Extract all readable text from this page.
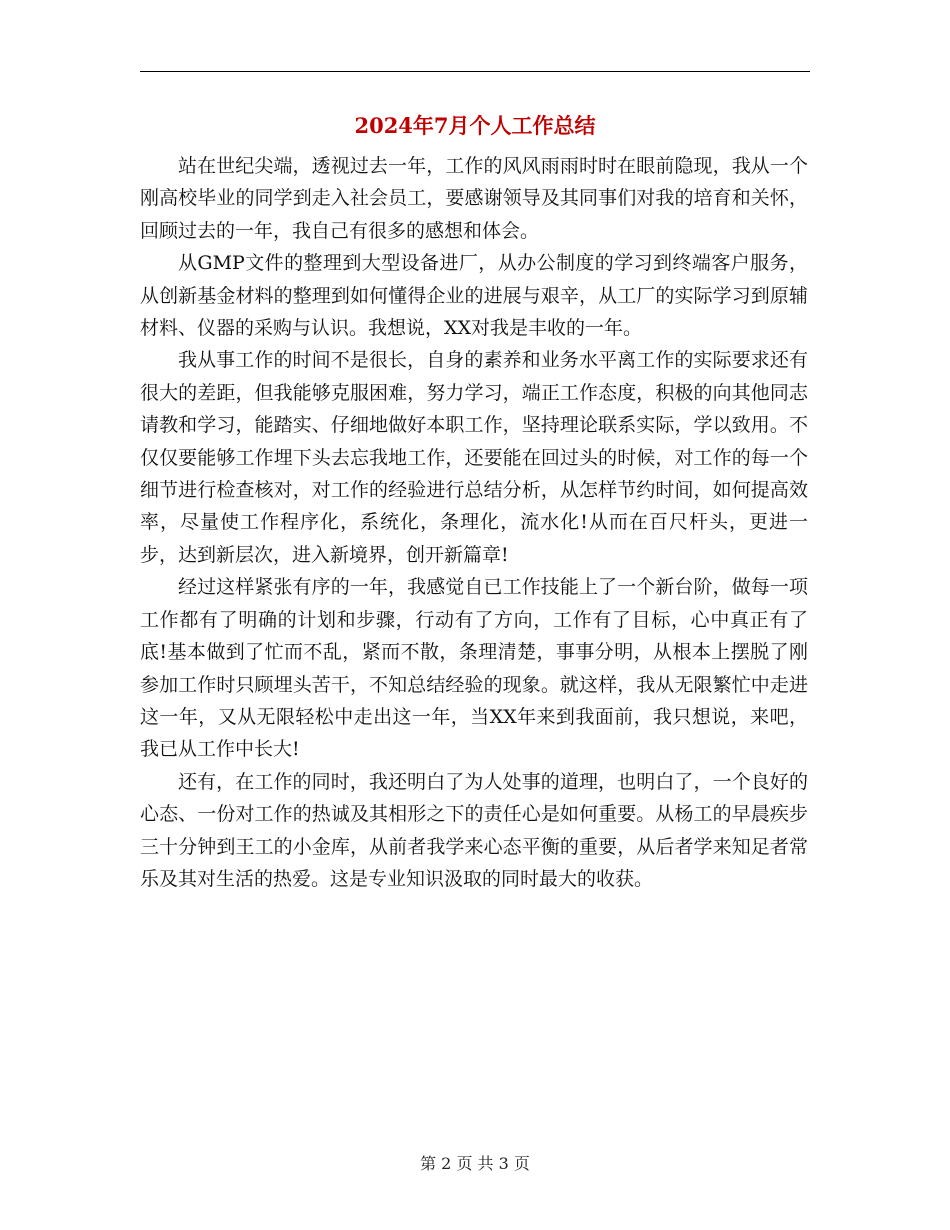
2024年7月个人工作总结

站在世纪尖端，透视过去一年，工作的风风雨雨时时在眼前隐现，我从一个刚高校毕业的同学到走入社会员工，要感谢领导及其同事们对我的培育和关怀，回顾过去的一年，我自己有很多的感想和体会。

从GMP文件的整理到大型设备进厂，从办公制度的学习到终端客户服务，从创新基金材料的整理到如何懂得企业的进展与艰辛，从工厂的实际学习到原辅材料、仪器的采购与认识。我想说，XX对我是丰收的一年。

我从事工作的时间不是很长，自身的素养和业务水平离工作的实际要求还有很大的差距，但我能够克服困难，努力学习，端正工作态度，积极的向其他同志请教和学习，能踏实、仔细地做好本职工作，坚持理论联系实际，学以致用。不仅仅要能够工作埋下头去忘我地工作，还要能在回过头的时候，对工作的每一个细节进行检查核对，对工作的经验进行总结分析，从怎样节约时间，如何提高效率，尽量使工作程序化，系统化，条理化，流水化!从而在百尺杆头，更进一步，达到新层次，进入新境界，创开新篇章!

经过这样紧张有序的一年，我感觉自已工作技能上了一个新台阶，做每一项工作都有了明确的计划和步骤，行动有了方向，工作有了目标，心中真正有了底!基本做到了忙而不乱，紧而不散，条理清楚，事事分明，从根本上摆脱了刚参加工作时只顾埋头苦干，不知总结经验的现象。就这样，我从无限繁忙中走进这一年，又从无限轻松中走出这一年，当XX年来到我面前，我只想说，来吧，我已从工作中长大!

还有，在工作的同时，我还明白了为人处事的道理，也明白了，一个良好的心态、一份对工作的热诚及其相形之下的责任心是如何重要。从杨工的早晨疾步三十分钟到王工的小金库，从前者我学来心态平衡的重要，从后者学来知足者常乐及其对生活的热爱。这是专业知识汲取的同时最大的收获。

第 2 页 共 3 页
